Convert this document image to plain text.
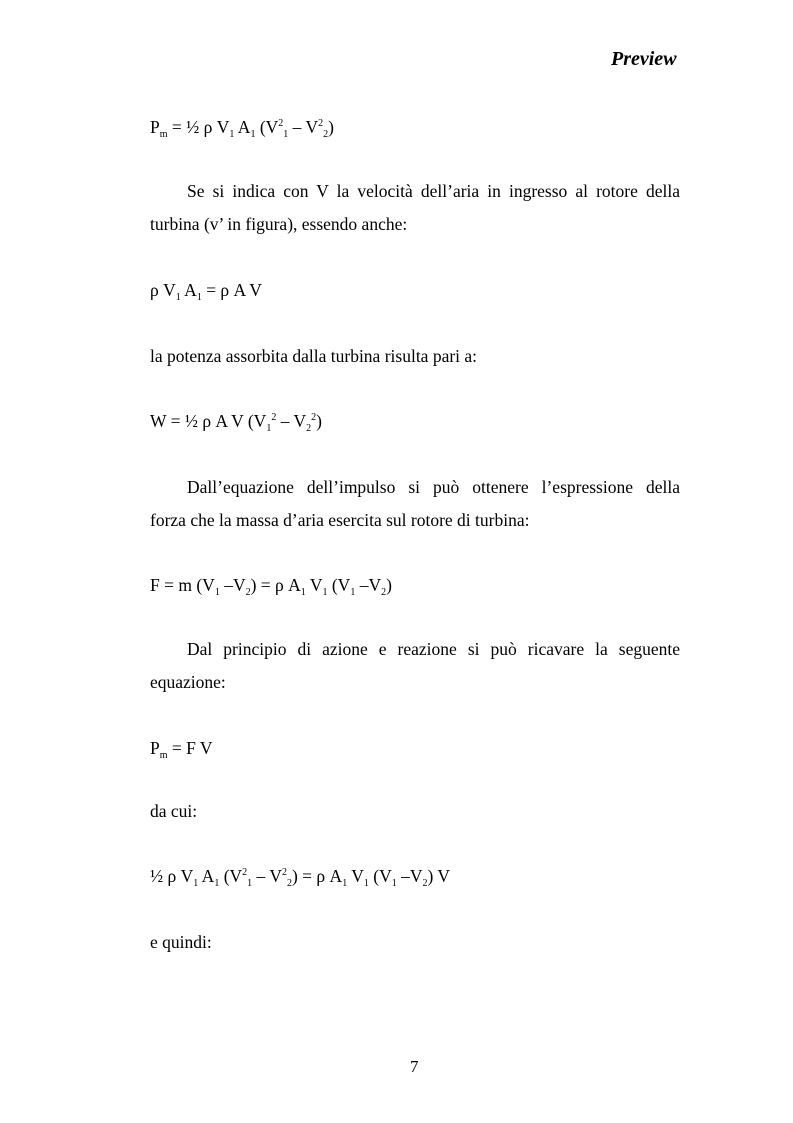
Preview
$P_m$ = ½ ρ $V_1$ $A_1$ $(V^2_1 - V^2_2)$
Se si indica con V la velocità dell’aria in ingresso al rotore della
turbina (v’ in figura), essendo anche:
ρ $V_1$ $A_1 = \rho$ A V
la potenza assorbita dalla turbina risulta pari a:
W = ½ ρ A V $(V_1^2 - V_2^2)$
Dall’equazione dell’impulso si può ottenere l’espressione della
forza che la massa d’aria esercita sul rotore di turbina:
F = m ($V_1$ $-V_2) = \rho$ $A_1$ $V_1$ ($V_1$ $-V_2$)
Dal principio di azione e reazione si può ricavare la seguente
equazione:
$P_m = F$ V
da cui:
½ ρ $V_1$ $A_1$ $(V^2_1 - V^2_2) = \rho$ $A_1$ $V_1$ ($V_1$ $-V_2$) V
e quindi:
7
